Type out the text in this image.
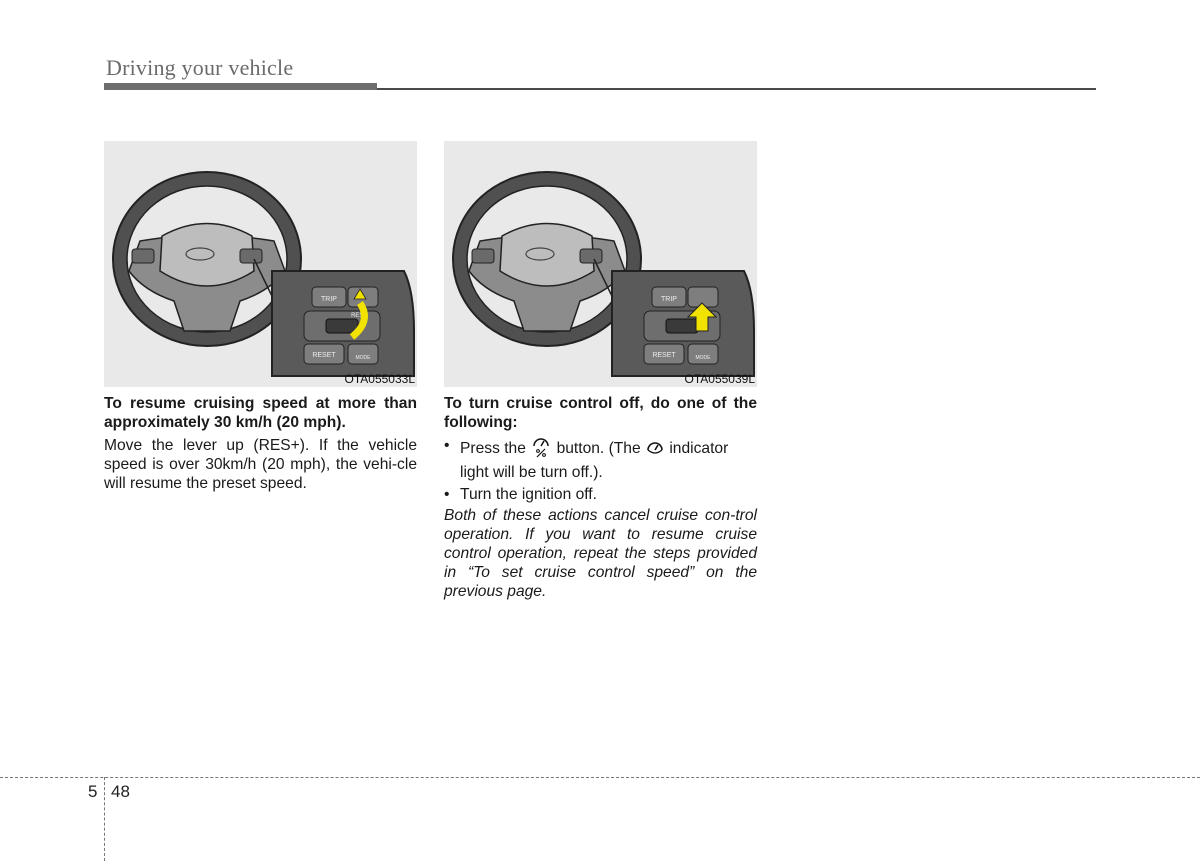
Driving your vehicle
TRIP
RES+
RESET	MODE
OTA055033L
TRIP
RESET	MODE
OTA055039L

To resume cruising speed at more than approximately 30 km/h (20 mph).

Move the lever up (RES+). If the vehicle speed is over 30km/h (20 mph), the vehi-cle will resume the preset speed.

To turn cruise control off, do one of the following:

• Press the button. (The indicator light will be turn off.).
• Turn the ignition off.

Both of these actions cancel cruise con-trol operation. If you want to resume cruise control operation, repeat the steps provided in “To set cruise control speed” on the previous page.

5 48
